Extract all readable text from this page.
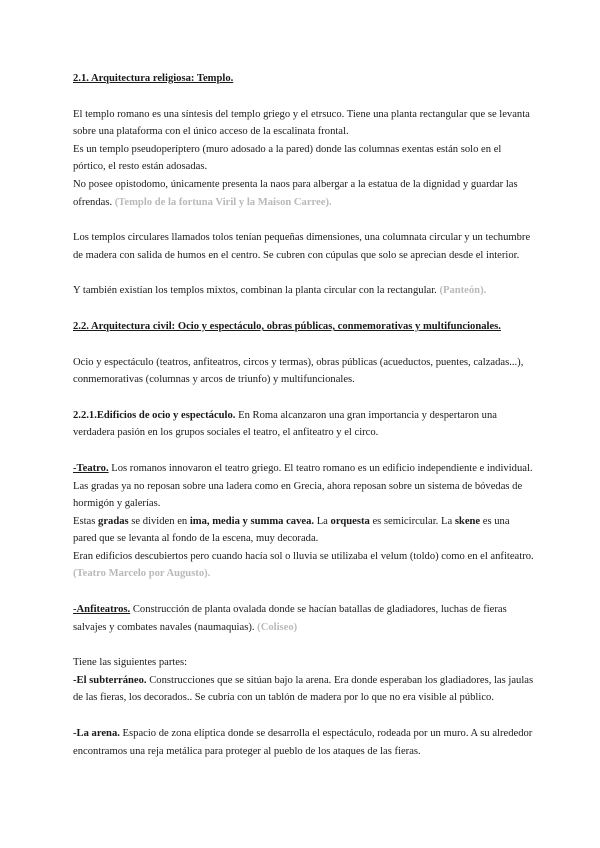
2.1. Arquitectura religiosa: Templo.

El templo romano es una síntesis del templo griego y el etrsuco. Tiene una planta rectangular que se levanta sobre una plataforma con el único acceso de la escalinata frontal.

Es un templo pseudoperíptero (muro adosado a la pared) donde las columnas exentas están solo en el pórtico, el resto están adosadas.

No posee opistodomo, únicamente presenta la naos para albergar a la estatua de la dignidad y guardar las ofrendas. (Templo de la fortuna Viril y la Maison Carree).

Los templos circulares llamados tolos tenían pequeñas dimensiones, una columnata circular y un techumbre de madera con salida de humos en el centro. Se cubren con cúpulas que solo se aprecian desde el interior.

Y también existían los templos mixtos, combinan la planta circular con la rectangular. (Panteón).

2.2. Arquitectura civil: Ocio y espectáculo, obras públicas, conmemorativas y multifuncionales.

Ocio y espectáculo (teatros, anfiteatros, circos y termas), obras públicas (acueductos, puentes, calzadas...), conmemorativas (columnas y arcos de triunfo) y multifuncionales.

2.2.1.Edificios de ocio y espectáculo. En Roma alcanzaron una gran importancia y despertaron una verdadera pasión en los grupos sociales el teatro, el anfiteatro y el circo.

-Teatro. Los romanos innovaron el teatro griego. El teatro romano es un edificio independiente e individual. Las gradas ya no reposan sobre una ladera como en Grecia, ahora reposan sobre un sistema de bóvedas de hormigón y galerías.

Estas gradas se dividen en ima, media y summa cavea. La orquesta es semicircular. La skene es una pared que se levanta al fondo de la escena, muy decorada.

Eran edificios descubiertos pero cuando hacía sol o lluvia se utilizaba el velum (toldo) como en el anfiteatro. (Teatro Marcelo por Augusto).

-Anfiteatros. Construcción de planta ovalada donde se hacían batallas de gladiadores, luchas de fieras salvajes y combates navales (naumaquias). (Coliseo)

Tiene las siguientes partes:

-El subterráneo. Construcciones que se sitúan bajo la arena. Era donde esperaban los gladiadores, las jaulas de las fieras, los decorados.. Se cubría con un tablón de madera por lo que no era visible al público.

-La arena. Espacio de zona elíptica donde se desarrolla el espectáculo, rodeada por un muro. A su alrededor encontramos una reja metálica para proteger al pueblo de los ataques de las fieras.
